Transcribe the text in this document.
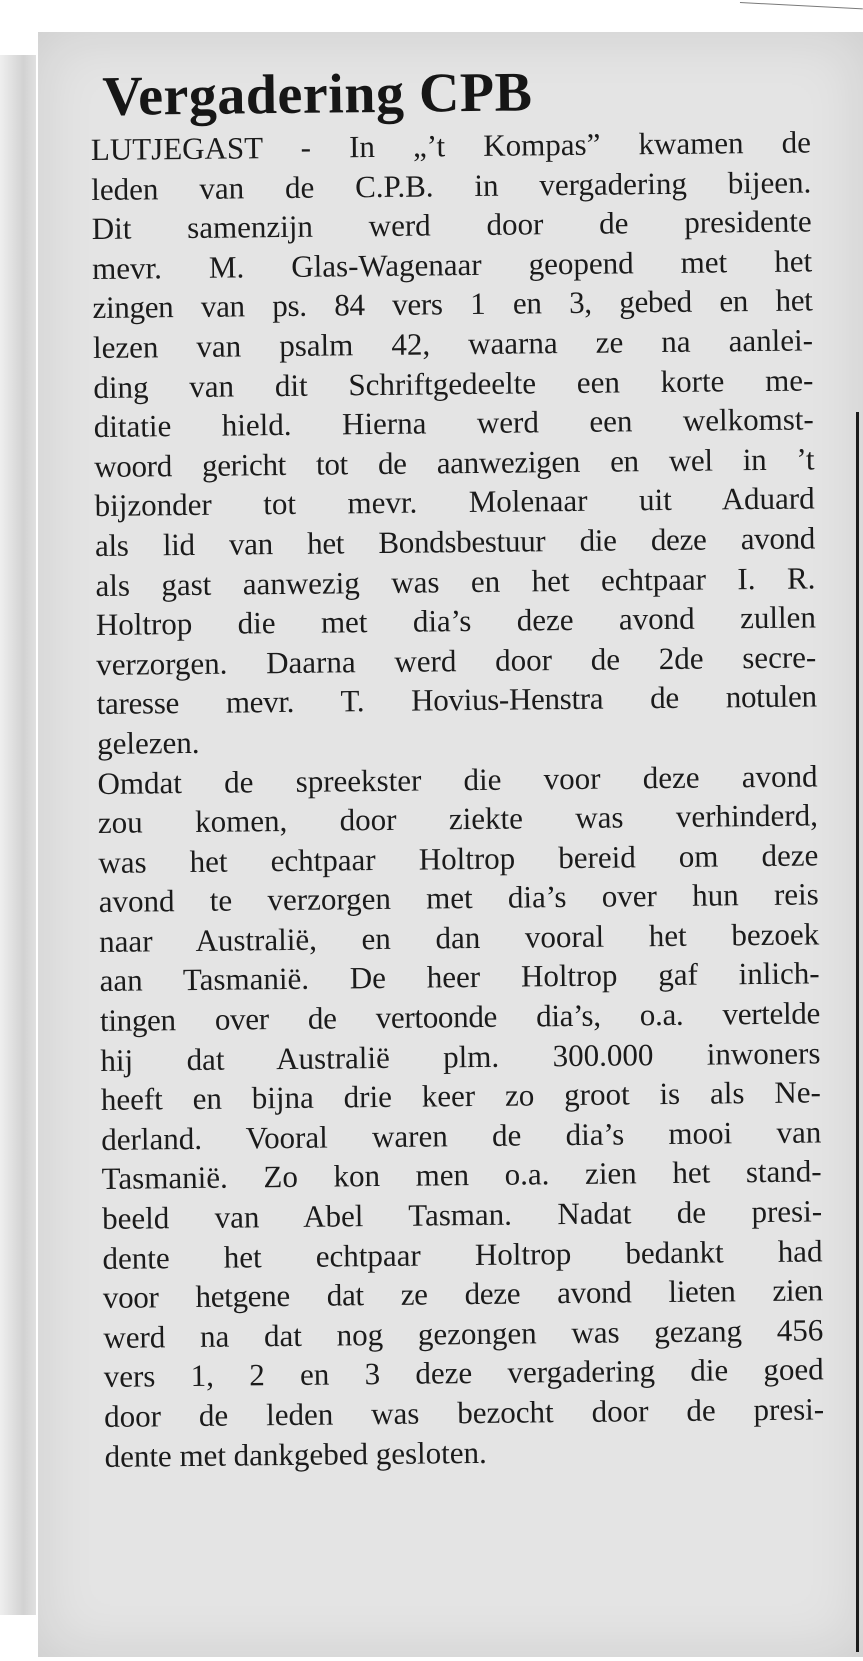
Vergadering CPB
LUTJEGAST - In „’t Kompas” kwamen de
leden van de C.P.B. in vergadering bijeen.
Dit samenzijn werd door de presidente
mevr. M. Glas-Wagenaar geopend met het
zingen van ps. 84 vers 1 en 3, gebed en het
lezen van psalm 42, waarna ze na aanlei-
ding van dit Schriftgedeelte een korte me-
ditatie hield. Hierna werd een welkomst-
woord gericht tot de aanwezigen en wel in ’t
bijzonder tot mevr. Molenaar uit Aduard
als lid van het Bondsbestuur die deze avond
als gast aanwezig was en het echtpaar I. R.
Holtrop die met dia’s deze avond zullen
verzorgen. Daarna werd door de 2de secre-
taresse mevr. T. Hovius-Henstra de notulen
gelezen.
Omdat de spreekster die voor deze avond
zou komen, door ziekte was verhinderd,
was het echtpaar Holtrop bereid om deze
avond te verzorgen met dia’s over hun reis
naar Australië, en dan vooral het bezoek
aan Tasmanië. De heer Holtrop gaf inlich-
tingen over de vertoonde dia’s, o.a. vertelde
hij dat Australië plm. 300.000 inwoners
heeft en bijna drie keer zo groot is als Ne-
derland. Vooral waren de dia’s mooi van
Tasmanië. Zo kon men o.a. zien het stand-
beeld van Abel Tasman. Nadat de presi-
dente het echtpaar Holtrop bedankt had
voor hetgene dat ze deze avond lieten zien
werd na dat nog gezongen was gezang 456
vers 1, 2 en 3 deze vergadering die goed
door de leden was bezocht door de presi-
dente met dankgebed gesloten.
